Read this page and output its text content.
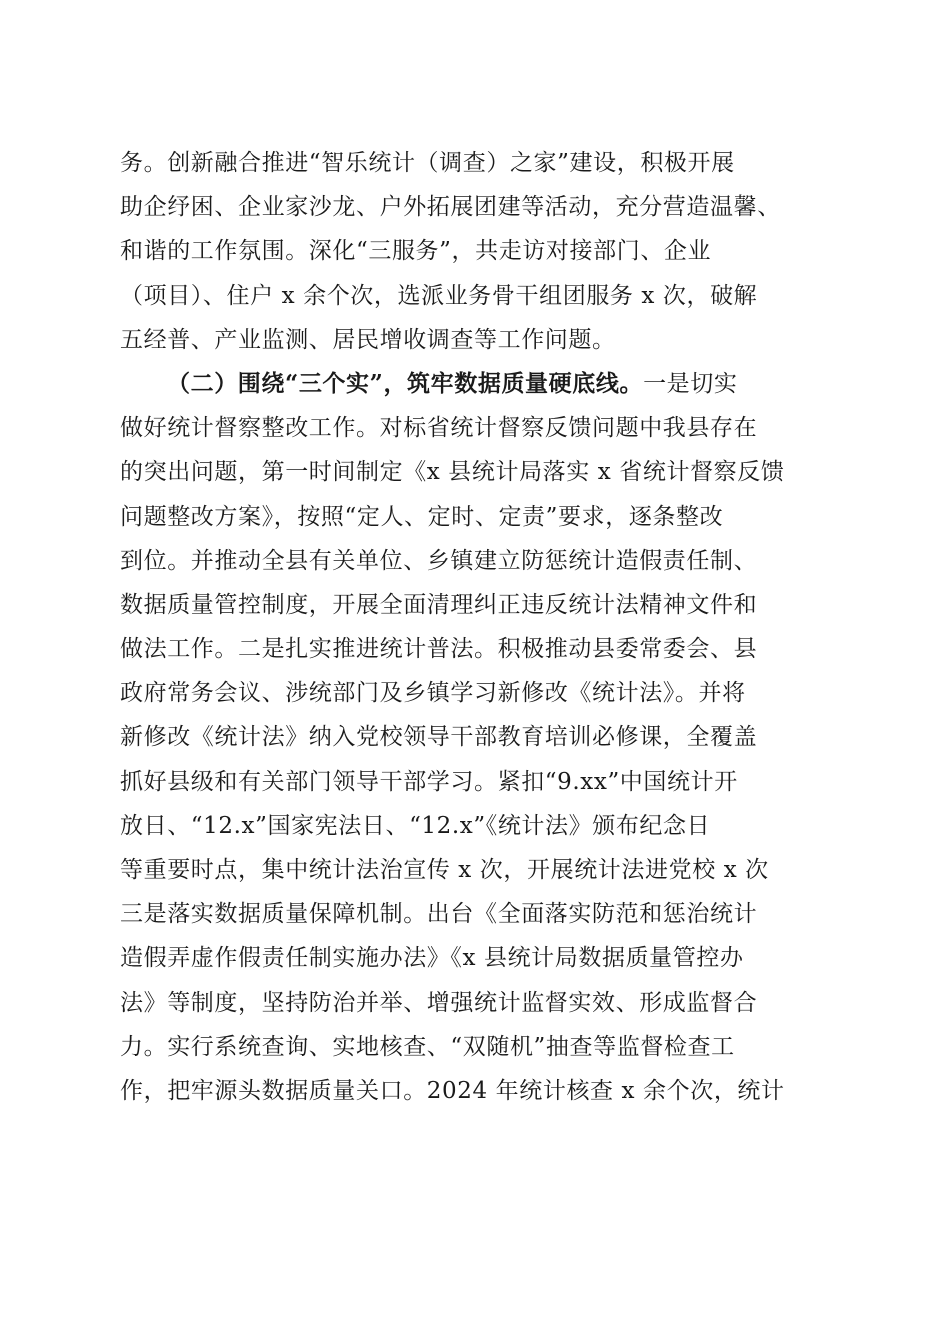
务。创新融合推进“智乐统计（调查）之家”建设，积极开展
助企纾困、企业家沙龙、户外拓展团建等活动，充分营造温馨、
和谐的工作氛围。深化“三服务”，共走访对接部门、企业
（项目）、住户 x 余个次，选派业务骨干组团服务 x 次，破解
五经普、产业监测、居民增收调查等工作问题。
（二）围绕“三个实”，筑牢数据质量硬底线。一是切实
做好统计督察整改工作。对标省统计督察反馈问题中我县存在
的突出问题，第一时间制定《x 县统计局落实 x 省统计督察反馈
问题整改方案》，按照“定人、定时、定责”要求，逐条整改
到位。并推动全县有关单位、乡镇建立防惩统计造假责任制、
数据质量管控制度，开展全面清理纠正违反统计法精神文件和
做法工作。二是扎实推进统计普法。积极推动县委常委会、县
政府常务会议、涉统部门及乡镇学习新修改《统计法》。并将
新修改《统计法》纳入党校领导干部教育培训必修课，全覆盖
抓好县级和有关部门领导干部学习。紧扣“9.xx”中国统计开
放日、“12.x”国家宪法日、“12.x”《统计法》颁布纪念日
等重要时点，集中统计法治宣传 x 次，开展统计法进党校 x 次
三是落实数据质量保障机制。出台《全面落实防范和惩治统计
造假弄虚作假责任制实施办法》《x 县统计局数据质量管控办
法》等制度，坚持防治并举、增强统计监督实效、形成监督合
力。实行系统查询、实地核查、“双随机”抽查等监督检查工
作，把牢源头数据质量关口。2024 年统计核查 x 余个次，统计
